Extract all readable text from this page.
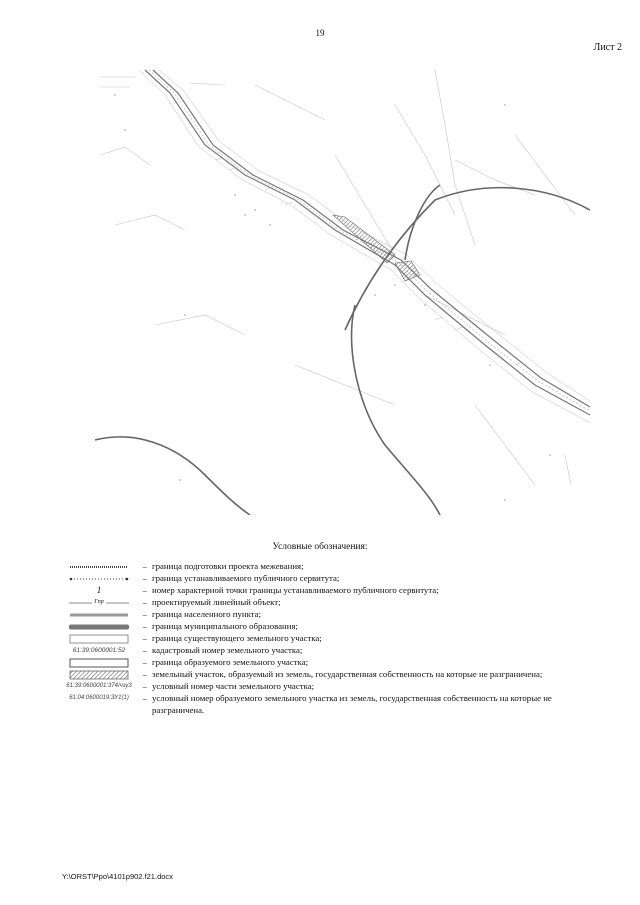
19
Лист 2
Условные обозначения:
– граница подготовки проекта межевания;
– граница устанавливаемого публичного сервитута;
1	– номер характерной точки границы устанавливаемого публичного сервитута;
Гпр	– проектируемый линейный объект;
– граница населенного пункта;
– граница муниципального образования;
– граница существующего земельного участка;
61:39:0600001:52	– кадастровый номер земельного участка;
– граница образуемого земельного участка;
– земельный участок, образуемый из земель, государственная собственность на которые не разграничена;
61:39:0600001:374/чзу3	– условный номер части земельного участка;
61:04:0600019:ЗУ1(1)	– условный номер образуемого земельного участка из земель, государственная собственность на которые не разграничена.
Y:\ORST\Ppo\4101p902.f21.docx
